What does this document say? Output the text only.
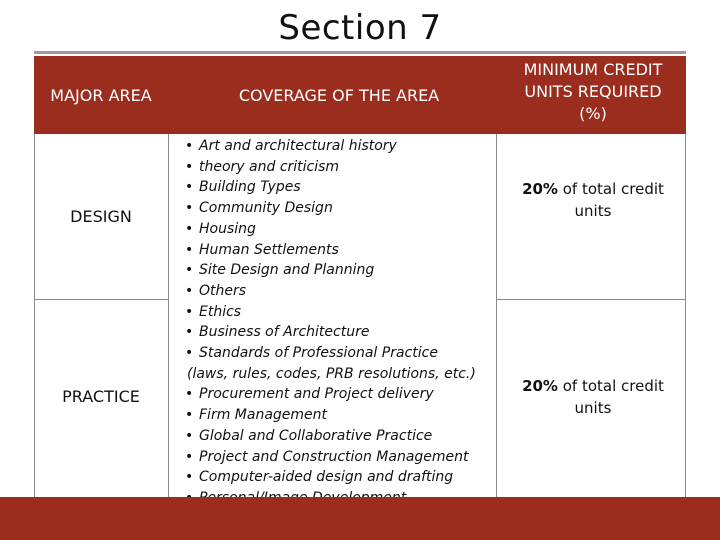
Section 7
MAJOR AREA	COVERAGE OF THE AREA
MINIMUM CREDIT
UNITS REQUIRED
(%)
DESIGN
PRACTICE
20% of total credit
units
20% of total credit
units
• Art and architectural history
• theory and criticism
• Building Types
• Community Design
• Housing
• Human Settlements
• Site Design and Planning
• Others
• Ethics
• Business of Architecture
• Standards of Professional Practice
(laws, rules, codes, PRB resolutions, etc.)
• Procurement and Project delivery
• Firm Management
• Global and Collaborative Practice
• Project and Construction Management
• Computer-aided design and drafting
